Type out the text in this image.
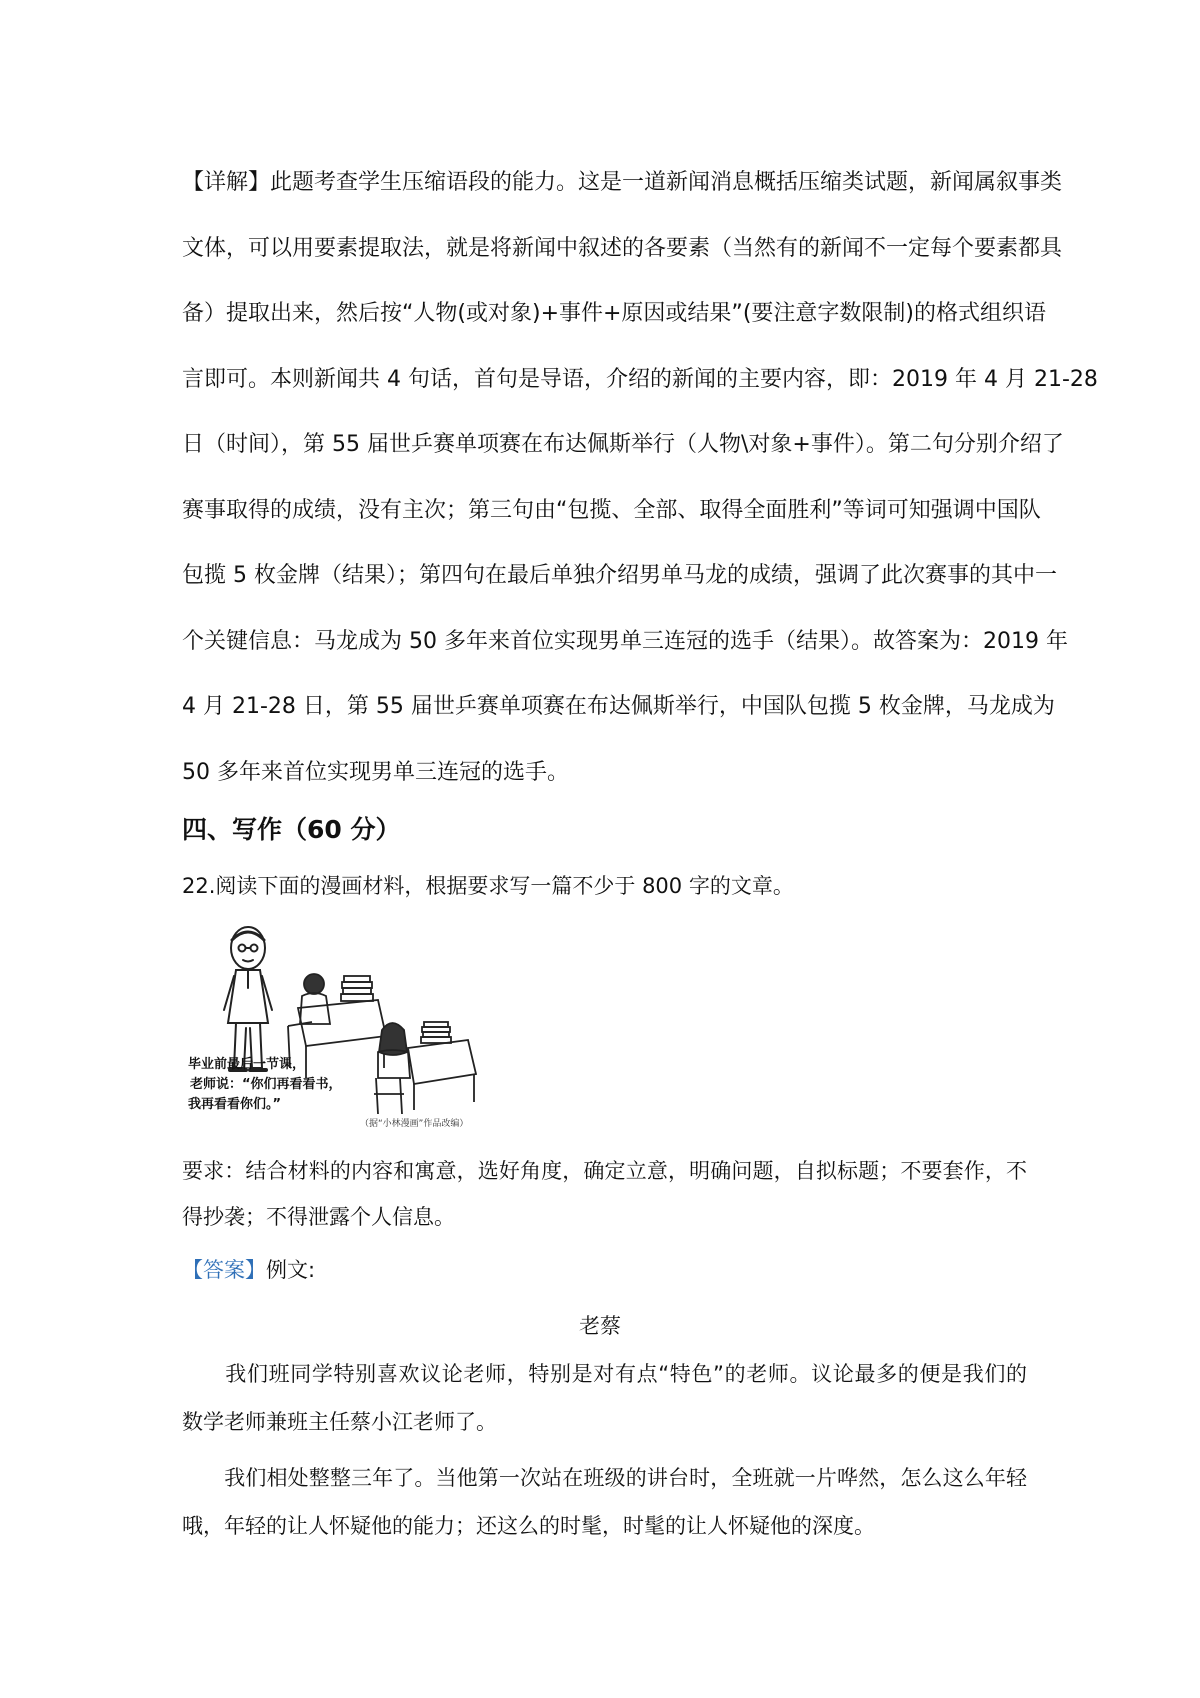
【详解】此题考查学生压缩语段的能力。这是一道新闻消息概括压缩类试题，新闻属叙事类
文体，可以用要素提取法，就是将新闻中叙述的各要素（当然有的新闻不一定每个要素都具
备）提取出来，然后按“人物(或对象)+事件+原因或结果”(要注意字数限制)的格式组织语
言即可。本则新闻共 4 句话，首句是导语，介绍的新闻的主要内容，即：2019 年 4 月 21-28
日（时间），第 55 届世乒赛单项赛在布达佩斯举行（人物\对象+事件）。第二句分别介绍了
赛事取得的成绩，没有主次；第三句由“包揽、全部、取得全面胜利”等词可知强调中国队
包揽 5 枚金牌（结果）；第四句在最后单独介绍男单马龙的成绩，强调了此次赛事的其中一
个关键信息：马龙成为 50 多年来首位实现男单三连冠的选手（结果）。故答案为：2019 年
4 月 21-28 日，第 55 届世乒赛单项赛在布达佩斯举行，中国队包揽 5 枚金牌，马龙成为
50 多年来首位实现男单三连冠的选手。
四、写作（60 分）

22.阅读下面的漫画材料，根据要求写一篇不少于 800 字的文章。

毕业前最后一节课，
老师说：“你们再看看书，
我再看看你们。”
（据“小林漫画”作品改编）
要求：结合材料的内容和寓意，选好角度，确定立意，明确问题，自拟标题；不要套作，不
得抄袭；不得泄露个人信息。

【答案】例文:

老蔡

　　我们班同学特别喜欢议论老师，特别是对有点“特色”的老师。议论最多的便是我们的
数学老师兼班主任蔡小江老师了。
　　我们相处整整三年了。当他第一次站在班级的讲台时，全班就一片哗然，怎么这么年轻
哦，年轻的让人怀疑他的能力；还这么的时髦，时髦的让人怀疑他的深度。
